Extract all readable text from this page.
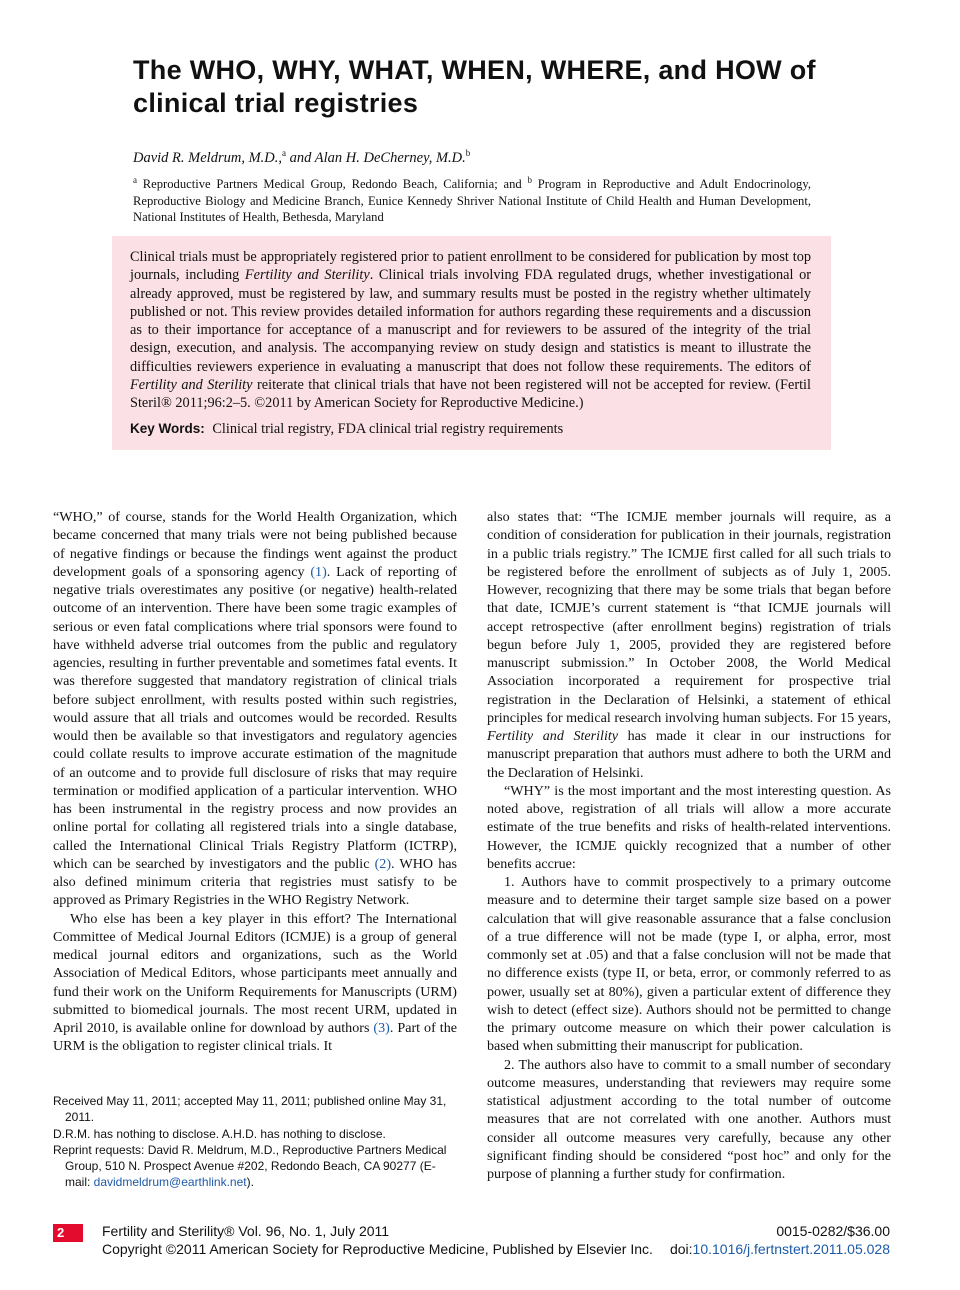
The WHO, WHY, WHAT, WHEN, WHERE, and HOW of
clinical trial registries
David R. Meldrum, M.D.,$^a$ and Alan H. DeCherney, M.D.$^b$
$^a$ Reproductive Partners Medical Group, Redondo Beach, California; and $^b$ Program in Reproductive and Adult Endocrinology, Reproductive Biology and Medicine Branch, Eunice Kennedy Shriver National Institute of Child Health and Human Development, National Institutes of Health, Bethesda, Maryland

Clinical trials must be appropriately registered prior to patient enrollment to be considered for publication by most top journals, including Fertility and Sterility. Clinical trials involving FDA regulated drugs, whether investigational or already approved, must be registered by law, and summary results must be posted in the registry whether ultimately published or not. This review provides detailed information for authors regarding these requirements and a discussion as to their importance for acceptance of a manuscript and for reviewers to be assured of the integrity of the trial design, execution, and analysis. The accompanying review on study design and statistics is meant to illustrate the difficulties reviewers experience in evaluating a manuscript that does not follow these requirements. The editors of Fertility and Sterility reiterate that clinical trials that have not been registered will not be accepted for review. (Fertil Steril® 2011;96:2–5. ©2011 by American Society for Reproductive Medicine.)

Key Words: Clinical trial registry, FDA clinical trial registry requirements

“WHO,” of course, stands for the World Health Organization, which became concerned that many trials were not being published because of negative findings or because the findings went against the product development goals of a sponsoring agency (1). Lack of reporting of negative trials overestimates any positive (or negative) health-related outcome of an intervention. There have been some tragic examples of serious or even fatal complications where trial sponsors were found to have withheld adverse trial outcomes from the public and regulatory agencies, resulting in further preventable and sometimes fatal events. It was therefore suggested that mandatory registration of clinical trials before subject enrollment, with results posted within such registries, would assure that all trials and outcomes would be recorded. Results would then be available so that investigators and regulatory agencies could collate results to improve accurate estimation of the magnitude of an outcome and to provide full disclosure of risks that may require termination or modified application of a particular intervention. WHO has been instrumental in the registry process and now provides an online portal for collating all registered trials into a single database, called the International Clinical Trials Registry Platform (ICTRP), which can be searched by investigators and the public (2). WHO has also defined minimum criteria that registries must satisfy to be approved as Primary Registries in the WHO Registry Network.

Who else has been a key player in this effort? The International Committee of Medical Journal Editors (ICMJE) is a group of general medical journal editors and organizations, such as the World Association of Medical Editors, whose participants meet annually and fund their work on the Uniform Requirements for Manuscripts (URM) submitted to biomedical journals. The most recent URM, updated in April 2010, is available online for download by authors (3). Part of the URM is the obligation to register clinical trials. It

also states that: “The ICMJE member journals will require, as a condition of consideration for publication in their journals, registration in a public trials registry.” The ICMJE first called for all such trials to be registered before the enrollment of subjects as of July 1, 2005. However, recognizing that there may be some trials that began before that date, ICMJE’s current statement is “that ICMJE journals will accept retrospective (after enrollment begins) registration of trials begun before July 1, 2005, provided they are registered before manuscript submission.” In October 2008, the World Medical Association incorporated a requirement for prospective trial registration in the Declaration of Helsinki, a statement of ethical principles for medical research involving human subjects. For 15 years, Fertility and Sterility has made it clear in our instructions for manuscript preparation that authors must adhere to both the URM and the Declaration of Helsinki.

“WHY” is the most important and the most interesting question. As noted above, registration of all trials will allow a more accurate estimate of the true benefits and risks of health-related interventions. However, the ICMJE quickly recognized that a number of other benefits accrue:

1. Authors have to commit prospectively to a primary outcome measure and to determine their target sample size based on a power calculation that will give reasonable assurance that a false conclusion of a true difference will not be made (type I, or alpha, error, most commonly set at .05) and that a false conclusion will not be made that no difference exists (type II, or beta, error, or commonly referred to as power, usually set at 80%), given a particular extent of difference they wish to detect (effect size). Authors should not be permitted to change the primary outcome measure on which their power calculation is based when submitting their manuscript for publication.

2. The authors also have to commit to a small number of secondary outcome measures, understanding that reviewers may require some statistical adjustment according to the total number of outcome measures that are not correlated with one another. Authors must consider all outcome measures very carefully, because any other significant finding should be considered “post hoc” and only for the purpose of planning a further study for confirmation.

Received May 11, 2011; accepted May 11, 2011; published online May 31, 2011.

D.R.M. has nothing to disclose. A.H.D. has nothing to disclose.

Reprint requests: David R. Meldrum, M.D., Reproductive Partners Medical Group, 510 N. Prospect Avenue #202, Redondo Beach, CA 90277 (E-mail: davidmeldrum@earthlink.net).

2	Fertility and Sterility® Vol. 96, No. 1, July 2011
Copyright ©2011 American Society for Reproductive Medicine, Published by Elsevier Inc.
0015-0282/$36.00
doi:10.1016/j.fertnstert.2011.05.028
